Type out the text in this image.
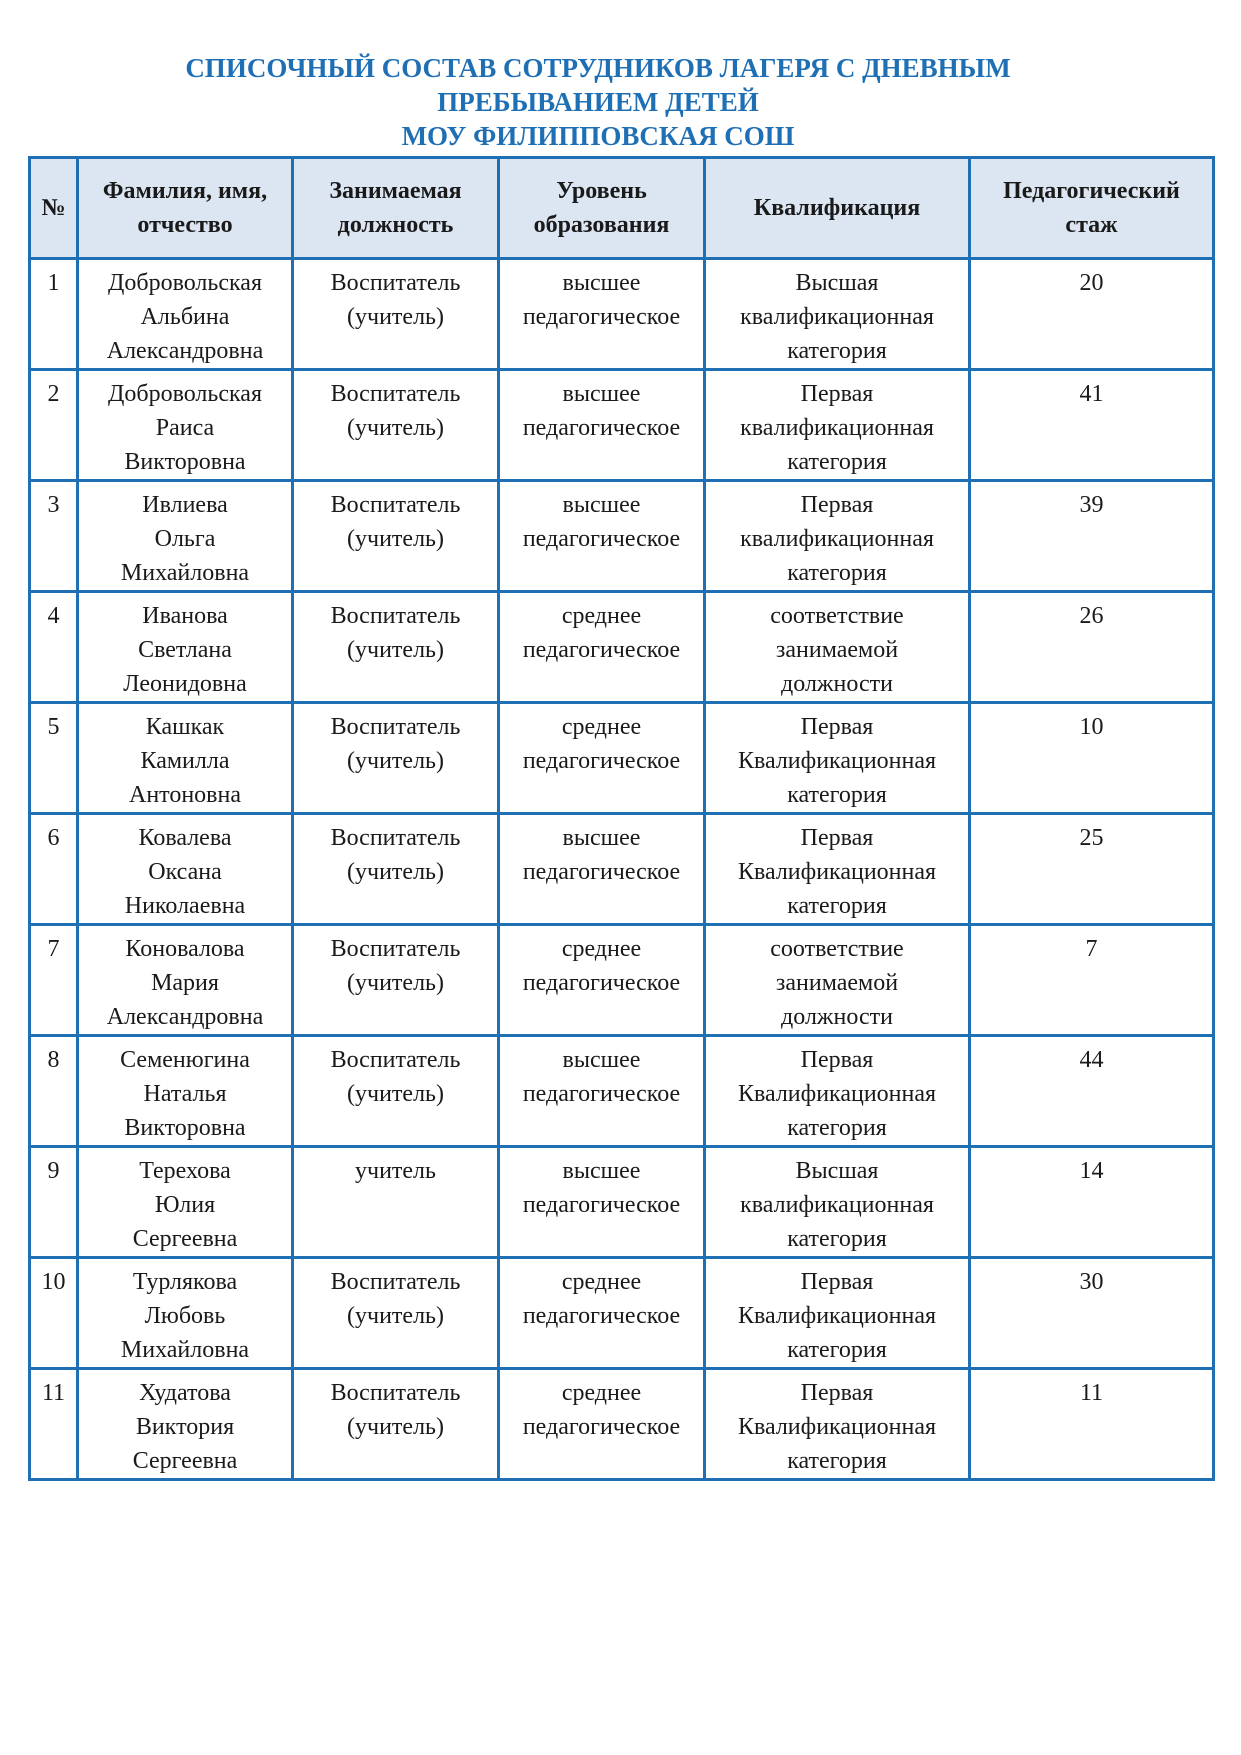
СПИСОЧНЫЙ СОСТАВ СОТРУДНИКОВ ЛАГЕРЯ С ДНЕВНЫМ
ПРЕБЫВАНИЕМ ДЕТЕЙ
МОУ ФИЛИППОВСКАЯ СОШ
№	Фамилия, имя,
отчество	Занимаемая
должность	Уровень
образования	Квалификация	Педагогический
стаж

1	Добровольская
Альбина
Александровна	Воспитатель
(учитель)	высшее
педагогическое	Высшая
квалификационная
категория	20

2	Добровольская
Раиса
Викторовна	Воспитатель
(учитель)	высшее
педагогическое	Первая
квалификационная
категория	41

3	Ивлиева
Ольга
Михайловна	Воспитатель
(учитель)	высшее
педагогическое	Первая
квалификационная
категория	39

4	Иванова
Светлана
Леонидовна	Воспитатель
(учитель)	среднее
педагогическое	соответствие
занимаемой
должности	26

5	Кашкак
Камилла
Антоновна	Воспитатель
(учитель)	среднее
педагогическое	Первая
Квалификационная
категория	10

6	Ковалева
Оксана
Николаевна	Воспитатель
(учитель)	высшее
педагогическое	Первая
Квалификационная
категория	25

7	Коновалова
Мария
Александровна	Воспитатель
(учитель)	среднее
педагогическое	соответствие
занимаемой
должности	7

8	Семенюгина
Наталья
Викторовна	Воспитатель
(учитель)	высшее
педагогическое	Первая
Квалификационная
категория	44

9	Терехова
Юлия
Сергеевна	учитель	высшее
педагогическое	Высшая
квалификационная
категория	14

10	Турлякова
Любовь
Михайловна	Воспитатель
(учитель)	среднее
педагогическое	Первая
Квалификационная
категория	30

11	Худатова
Виктория
Сергеевна	Воспитатель
(учитель)	среднее
педагогическое	Первая
Квалификационная
категория	11
